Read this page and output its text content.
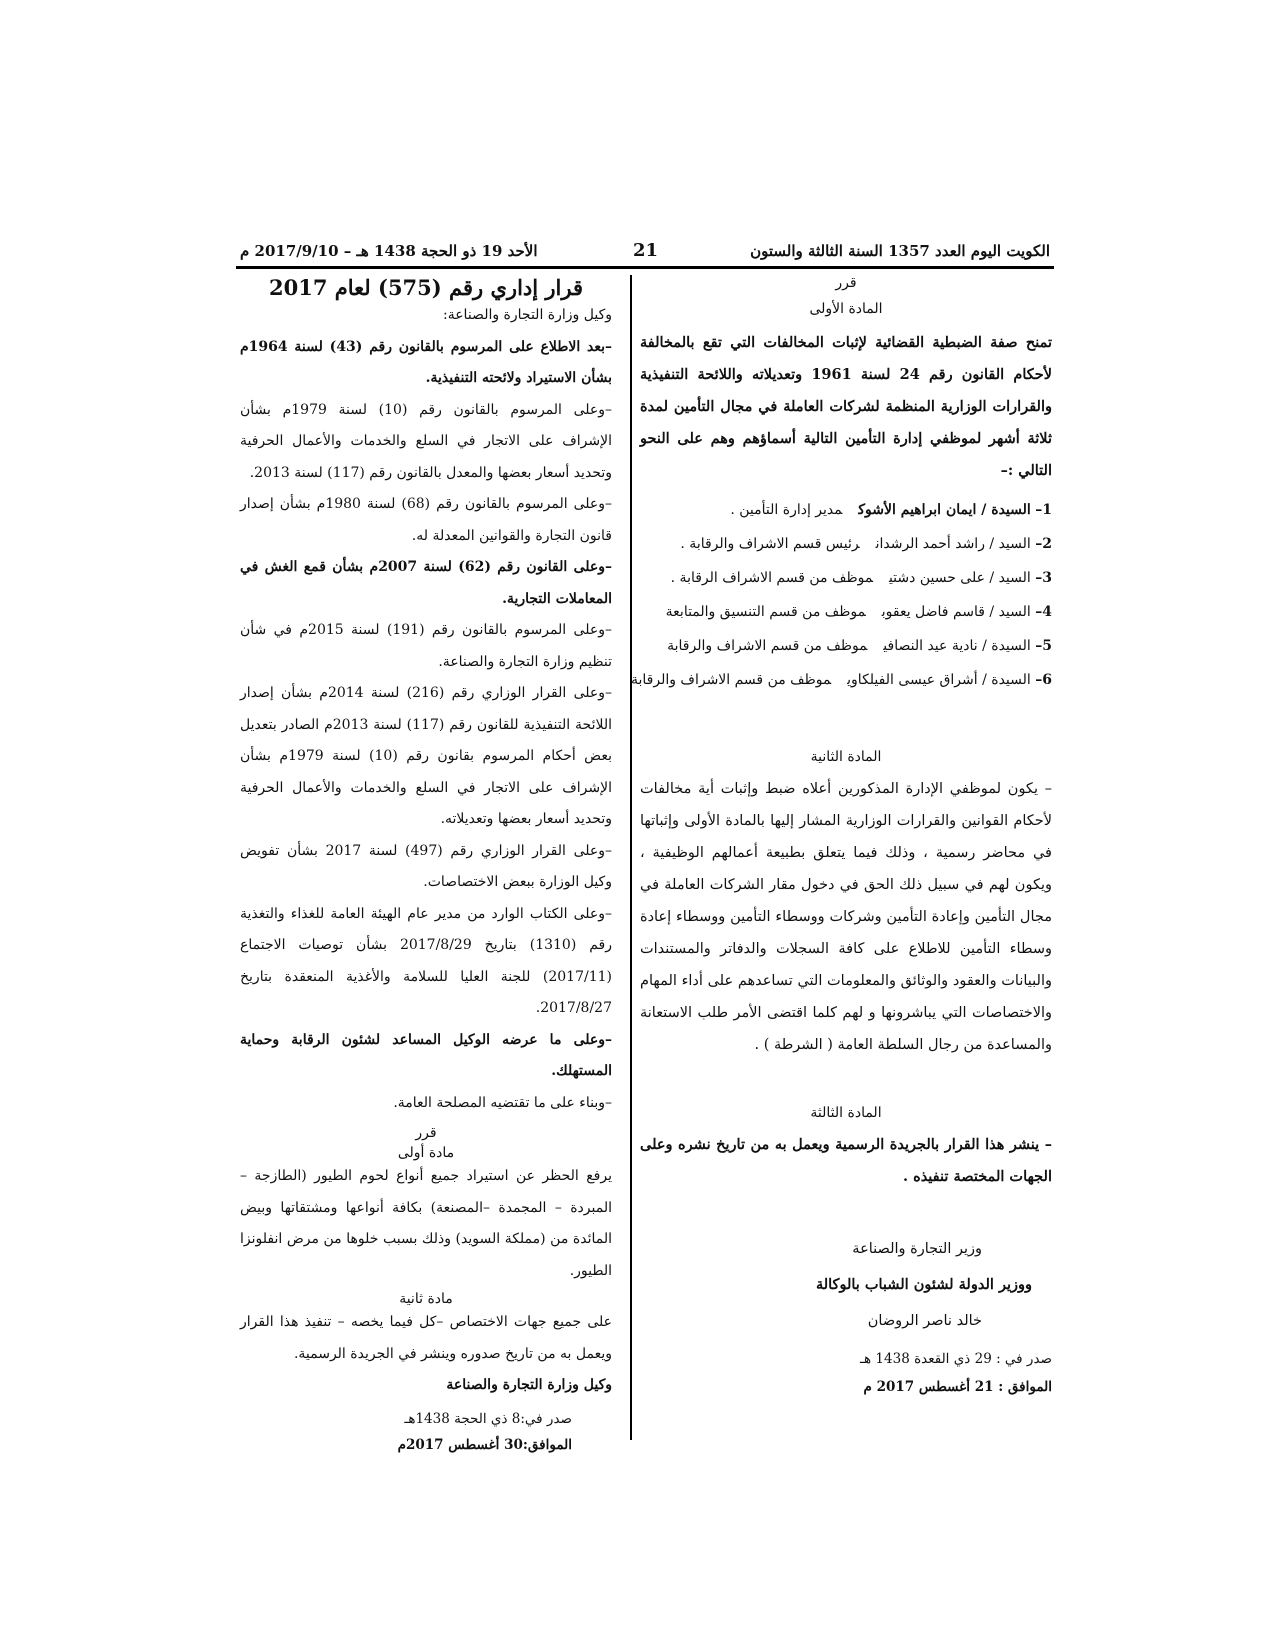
الكويت اليوم العدد 1357 السنة الثالثة والستون
21
الأحد 19 ذو الحجة 1438 هـ – 2017/9/10 م

قرر

المادة الأولى

تمنح صفة الضبطية القضائية لإثبات المخالفات التي تقع بالمخالفة لأحكام القانون رقم 24 لسنة 1961 وتعديلاته واللائحة التنفيذية والقرارات الوزارية المنظمة لشركات العاملة في مجال التأمين لمدة ثلاثة أشهر لموظفي إدارة التأمين التالية أسماؤهم وهم على النحو التالي :–

1– السيدة / ايمان ابراهيم الأشوكمدير إدارة التأمين .
2– السيد / راشد أحمد الرشدانرئيس قسم الاشراف والرقابة .
3– السيد / على حسين دشتيموظف من قسم الاشراف الرقابة .
4– السيد / قاسم فاضل يعقوبموظف من قسم التنسيق والمتابعة
5– السيدة / نادية عيد النصافيموظف من قسم الاشراف والرقابة
6– السيدة / أشراق عيسى الفيلكاويموظف من قسم الاشراف والرقابة

المادة الثانية

– يكون لموظفي الإدارة المذكورين أعلاه ضبط وإثبات أية مخالفات لأحكام القوانين والقرارات الوزارية المشار إليها بالمادة الأولى وإثباتها في محاضر رسمية ، وذلك فيما يتعلق بطبيعة أعمالهم الوظيفية ، ويكون لهم في سبيل ذلك الحق في دخول مقار الشركات العاملة في مجال التأمين وإعادة التأمين وشركات ووسطاء التأمين ووسطاء إعادة وسطاء التأمين للاطلاع على كافة السجلات والدفاتر والمستندات والبيانات والعقود والوثائق والمعلومات التي تساعدهم على أداء المهام والاختصاصات التي يباشرونها و لهم كلما اقتضى الأمر طلب الاستعانة والمساعدة من رجال السلطة العامة ( الشرطة ) .

المادة الثالثة

– ينشر هذا القرار بالجريدة الرسمية ويعمل به من تاريخ نشره وعلى الجهات المختصة تنفيذه .

وزير التجارة والصناعة

ووزير الدولة لشئون الشباب بالوكالة

خالد ناصر الروضان

صدر في : 29 ذي القعدة 1438 هـ

الموافق : 21 أغسطس 2017 م

قرار إداري رقم (575) لعام 2017

وكيل وزارة التجارة والصناعة:

–بعد الاطلاع على المرسوم بالقانون رقم (43) لسنة 1964م بشأن الاستيراد ولائحته التنفيذية.

–وعلى المرسوم بالقانون رقم (10) لسنة 1979م بشأن الإشراف على الاتجار في السلع والخدمات والأعمال الحرفية وتحديد أسعار بعضها والمعدل بالقانون رقم (117) لسنة 2013.

–وعلى المرسوم بالقانون رقم (68) لسنة 1980م بشأن إصدار قانون التجارة والقوانين المعدلة له.

–وعلى القانون رقم (62) لسنة 2007م بشأن قمع الغش في المعاملات التجارية.

–وعلى المرسوم بالقانون رقم (191) لسنة 2015م في شأن تنظيم وزارة التجارة والصناعة.

–وعلى القرار الوزاري رقم (216) لسنة 2014م بشأن إصدار اللائحة التنفيذية للقانون رقم (117) لسنة 2013م الصادر بتعديل بعض أحكام المرسوم بقانون رقم (10) لسنة 1979م بشأن الإشراف على الاتجار في السلع والخدمات والأعمال الحرفية وتحديد أسعار بعضها وتعديلاته.

–وعلى القرار الوزاري رقم (497) لسنة 2017 بشأن تفويض وكيل الوزارة ببعض الاختصاصات.

–وعلى الكتاب الوارد من مدير عام الهيئة العامة للغذاء والتغذية رقم (1310) بتاريخ 2017/8/29 بشأن توصيات الاجتماع (2017/11) للجنة العليا للسلامة والأغذية المنعقدة بتاريخ 2017/8/27.

–وعلى ما عرضه الوكيل المساعد لشئون الرقابة وحماية المستهلك.

–وبناء على ما تقتضيه المصلحة العامة.

قرر

مادة أولى

يرفع الحظر عن استيراد جميع أنواع لحوم الطيور (الطازجة –المبردة – المجمدة –المصنعة) بكافة أنواعها ومشتقاتها وبيض المائدة من (مملكة السويد) وذلك بسبب خلوها من مرض انفلونزا الطيور.

مادة ثانية

على جميع جهات الاختصاص –كل فيما يخصه – تنفيذ هذا القرار ويعمل به من تاريخ صدوره وينشر في الجريدة الرسمية.

وكيل وزارة التجارة والصناعة

صدر في:8 ذي الحجة 1438هـ

الموافق:30 أغسطس 2017م
